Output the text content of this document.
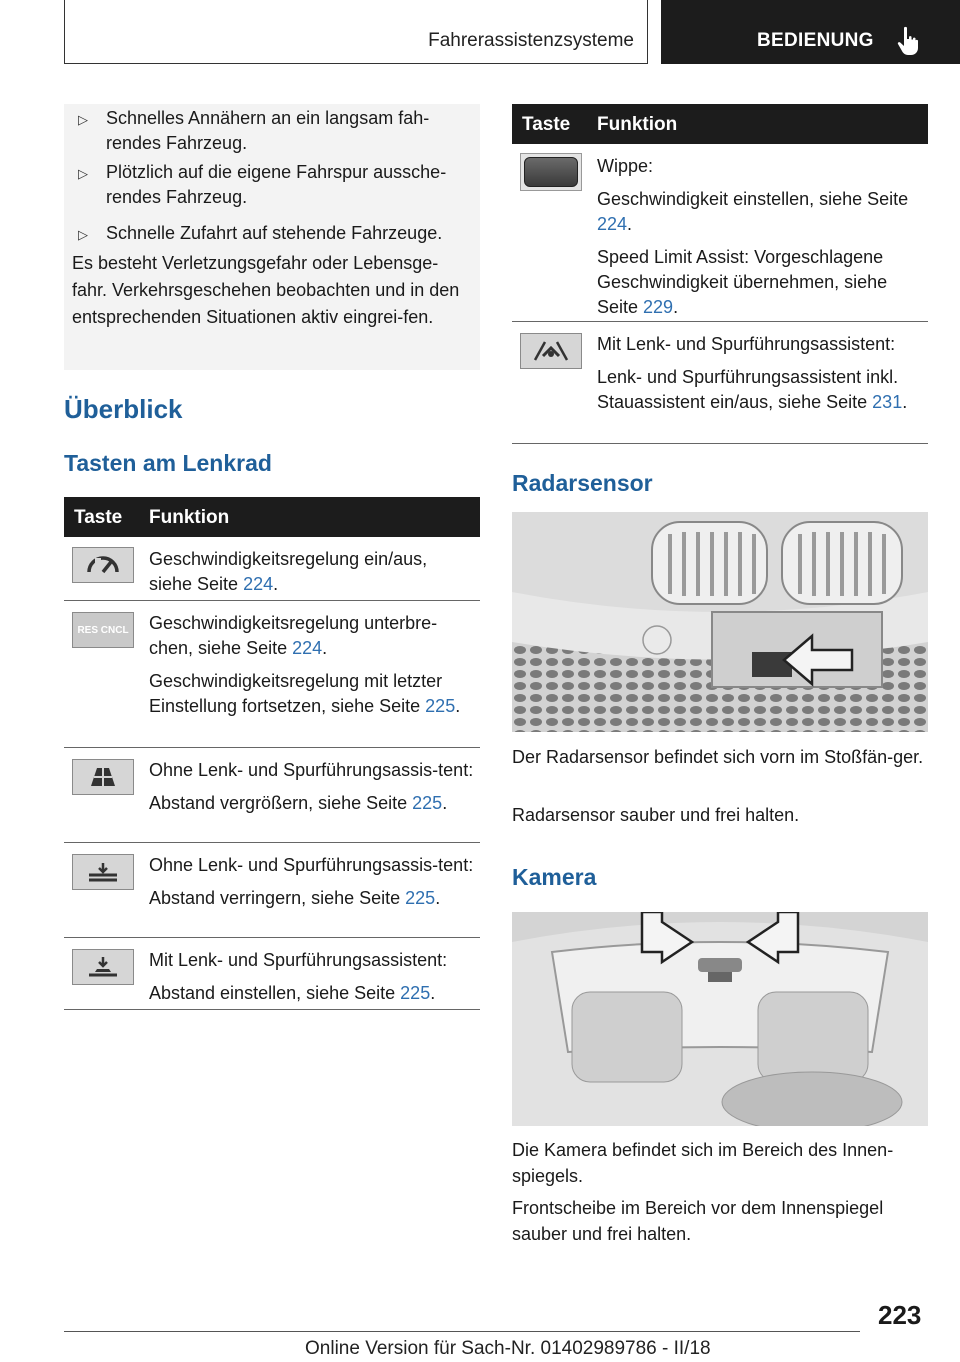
Fahrerassistenzsysteme	BEDIENUNG
▷ Schnelles Annähern an ein langsam fah-rendes Fahrzeug.
▷ Plötzlich auf die eigene Fahrspur ausschе-rendes Fahrzeug.
▷ Schnelle Zufahrt auf stehende Fahrzeuge.
Es besteht Verletzungsgefahr oder Lebensge-fahr. Verkehrsgeschehen beobachten und in den entsprechenden Situationen aktiv eingrei-fen.
Überblick
Tasten am Lenkrad
Taste Funktion

Geschwindigkeitsregelung ein/aus, siehe Seite 224.

RES CNCL Geschwindigkeitsregelung unterbre-chen, siehe Seite 224.

Geschwindigkeitsregelung mit letzter Einstellung fortsetzen, siehe Seite 225.

Ohne Lenk- und Spurführungsassis-tent:

Abstand vergrößern, siehe Seite 225.

Ohne Lenk- und Spurführungsassis-tent:

Abstand verringern, siehe Seite 225.

Mit Lenk- und Spurführungsassistent:

Abstand einstellen, siehe Seite 225.

Taste Funktion

Wippe:

Geschwindigkeit einstellen, siehe Seite 224.

Speed Limit Assist: Vorgeschlagene Geschwindigkeit übernehmen, siehe Seite 229.

Mit Lenk- und Spurführungsassistent:

Lenk- und Spurführungsassistent inkl. Stauassistent ein/aus, siehe Seite 231.

Radarsensor
Der Radarsensor befindet sich vorn im Stoßfän-ger.
Radarsensor sauber und frei halten.
Kamera
Die Kamera befindet sich im Bereich des Innen-spiegels.
Frontscheibe im Bereich vor dem Innenspiegel sauber und frei halten.
223
Online Version für Sach-Nr. 01402989786 - II/18
